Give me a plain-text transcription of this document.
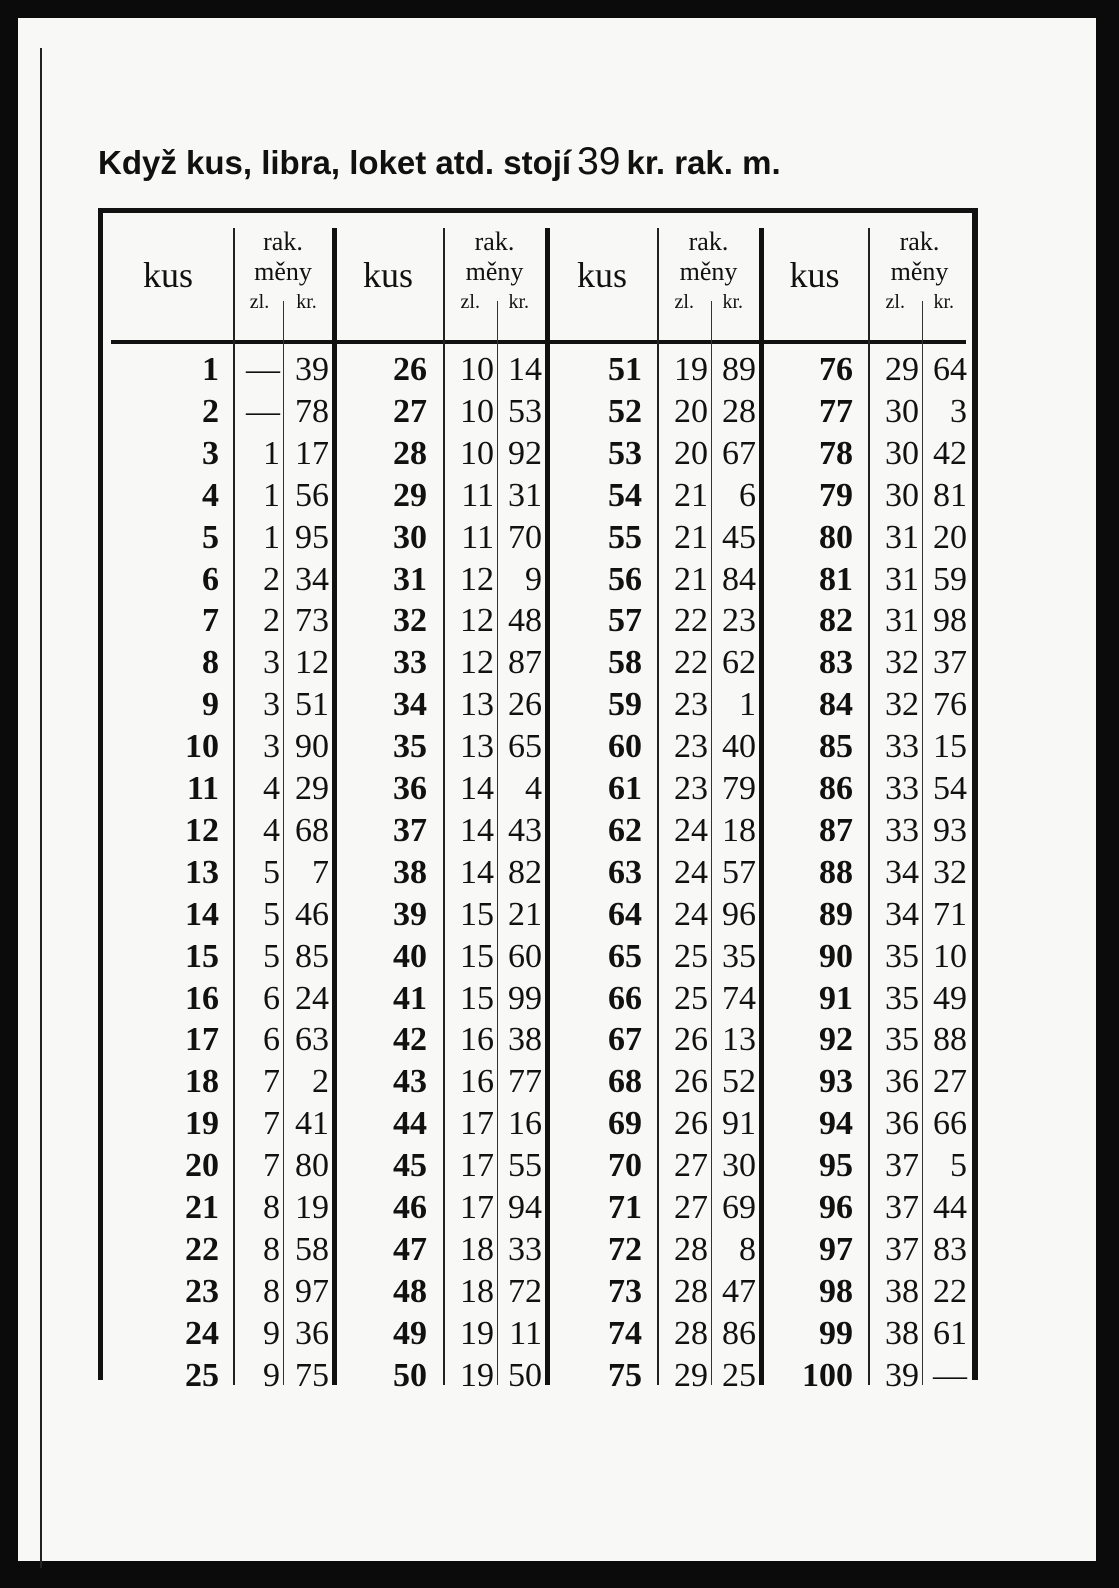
Když kus, libra, loket atd. stojí 39 kr. rak. m.
kus
rak.
měny
zl.	kr.
kus
rak.
měny
zl.	kr.
kus
rak.
měny
zl.	kr.
kus
rak.
měny
zl.	kr.
1 — 39
2 — 78
3	1 17
4	1 56
5	1 95
6	2 34
7	2 73
8	3 12
9	3 51
10	3 90
11	4 29
12	4 68
13	5 7
14	5 46
15	5 85
16	6 24
17	6 63
18	7 2
19	7 41
20	7 80
21	8 19
22	8 58
23	8 97
24	9 36
25	9 75
26 10 14
27 10 53
28 10 92
29	11 31
30	11 70
31 12 9
32 12 48
33 12 87
34 13 26
35 13 65
36 14 4
37 14 43
38 14 82
39 15 21
40 15 60
41 15 99
42 16 38
43 16 77
44 17 16
45 17 55
46 17 94
47 18 33
48 18 72
49 19 11
50 19 50
51 19 89
52 20 28
53 20 67
54 21 6
55 21 45
56 21 84
57 22 23
58 22 62
59 23 1
60 23 40
61 23 79
62 24 18
63 24 57
64 24 96
65 25 35
66 25 74
67 26 13
68 26 52
69 26 91
70 27 30
71 27 69
72 28 8
73 28 47
74 28 86
75 29 25
76 29 64
77 30 3
78 30 42
79 30 81
80 31 20
81 31 59
82 31 98
83 32 37
84 32 76
85 33 15
86 33 54
87 33 93
88 34 32
89 34 71
90 35 10
91 35 49
92 35 88
93 36 27
94 36 66
95 37 5
96 37 44
97 37 83
98 38 22
99 38 61
100 39 —
